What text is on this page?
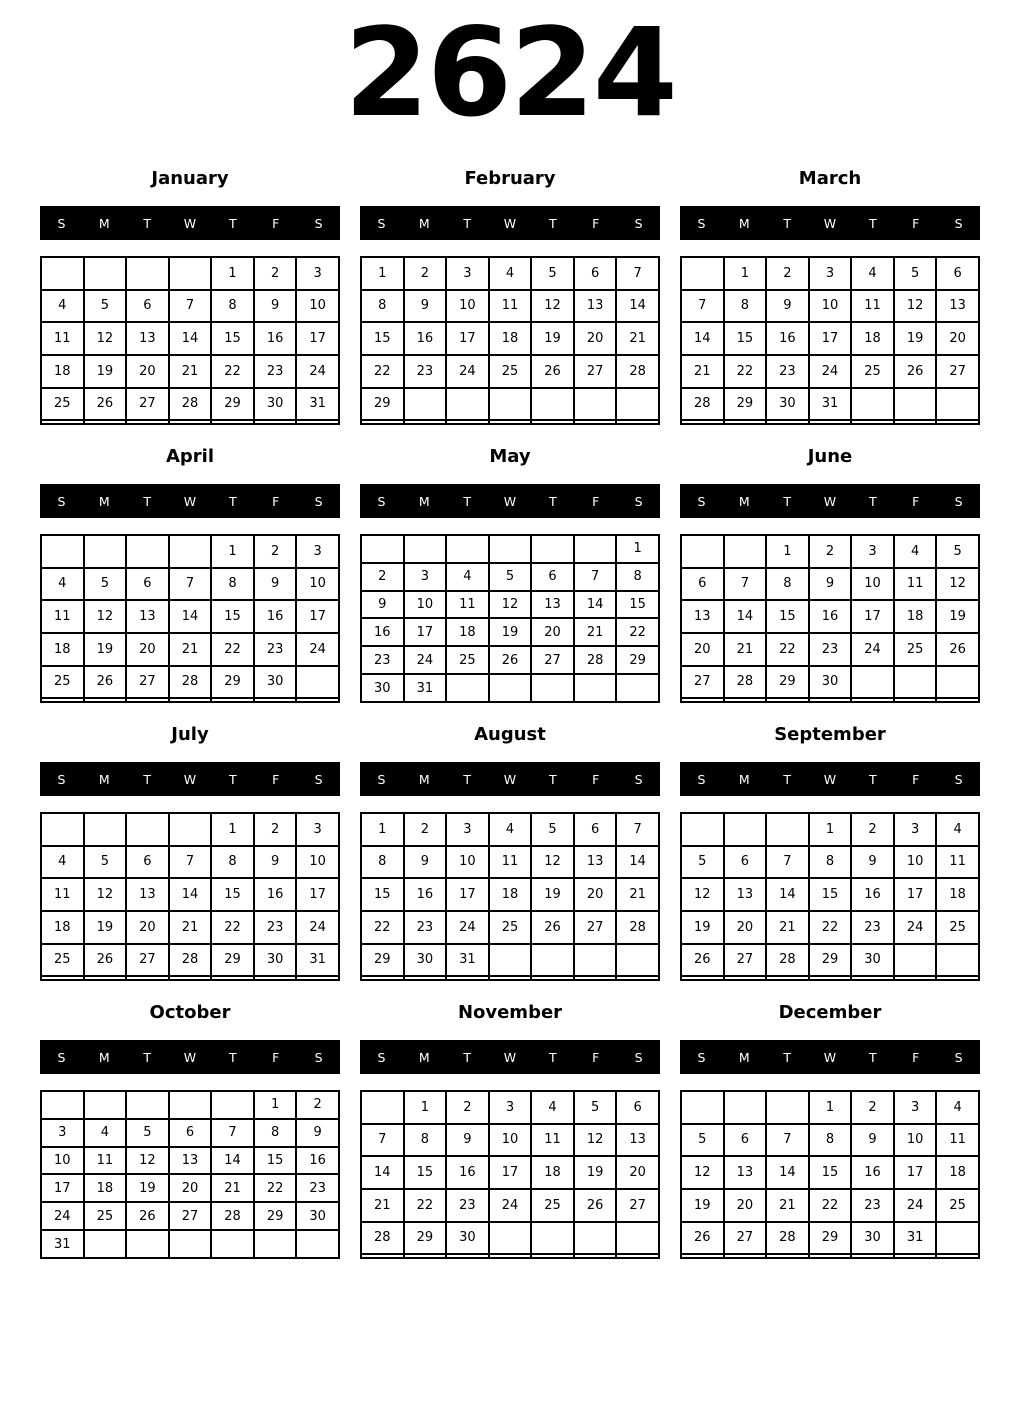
2624
January
S	M	T	W	T	F	S
				1	2	3
4	5	6	7	8	9	10
11	12	13	14	15	16	17
18	19	20	21	22	23	24
25	26	27	28	29	30	31

February
S	M	T	W	T	F	S
1	2	3	4	5	6	7
8	9	10	11	12	13	14
15	16	17	18	19	20	21
22	23	24	25	26	27	28
29						

March
S	M	T	W	T	F	S
	1	2	3	4	5	6
7	8	9	10	11	12	13
14	15	16	17	18	19	20
21	22	23	24	25	26	27
28	29	30	31			

April
S	M	T	W	T	F	S
				1	2	3
4	5	6	7	8	9	10
11	12	13	14	15	16	17
18	19	20	21	22	23	24
25	26	27	28	29	30	

May
S	M	T	W	T	F	S
						1
2	3	4	5	6	7	8
9	10	11	12	13	14	15
16	17	18	19	20	21	22
23	24	25	26	27	28	29
30	31					
June
S	M	T	W	T	F	S
		1	2	3	4	5
6	7	8	9	10	11	12
13	14	15	16	17	18	19
20	21	22	23	24	25	26
27	28	29	30			

July
S	M	T	W	T	F	S
				1	2	3
4	5	6	7	8	9	10
11	12	13	14	15	16	17
18	19	20	21	22	23	24
25	26	27	28	29	30	31

August
S	M	T	W	T	F	S
1	2	3	4	5	6	7
8	9	10	11	12	13	14
15	16	17	18	19	20	21
22	23	24	25	26	27	28
29	30	31				

September
S	M	T	W	T	F	S
			1	2	3	4
5	6	7	8	9	10	11
12	13	14	15	16	17	18
19	20	21	22	23	24	25
26	27	28	29	30		

October
S	M	T	W	T	F	S
					1	2
3	4	5	6	7	8	9
10	11	12	13	14	15	16
17	18	19	20	21	22	23
24	25	26	27	28	29	30
31						
November
S	M	T	W	T	F	S
	1	2	3	4	5	6
7	8	9	10	11	12	13
14	15	16	17	18	19	20
21	22	23	24	25	26	27
28	29	30				

December
S	M	T	W	T	F	S
			1	2	3	4
5	6	7	8	9	10	11
12	13	14	15	16	17	18
19	20	21	22	23	24	25
26	27	28	29	30	31	
